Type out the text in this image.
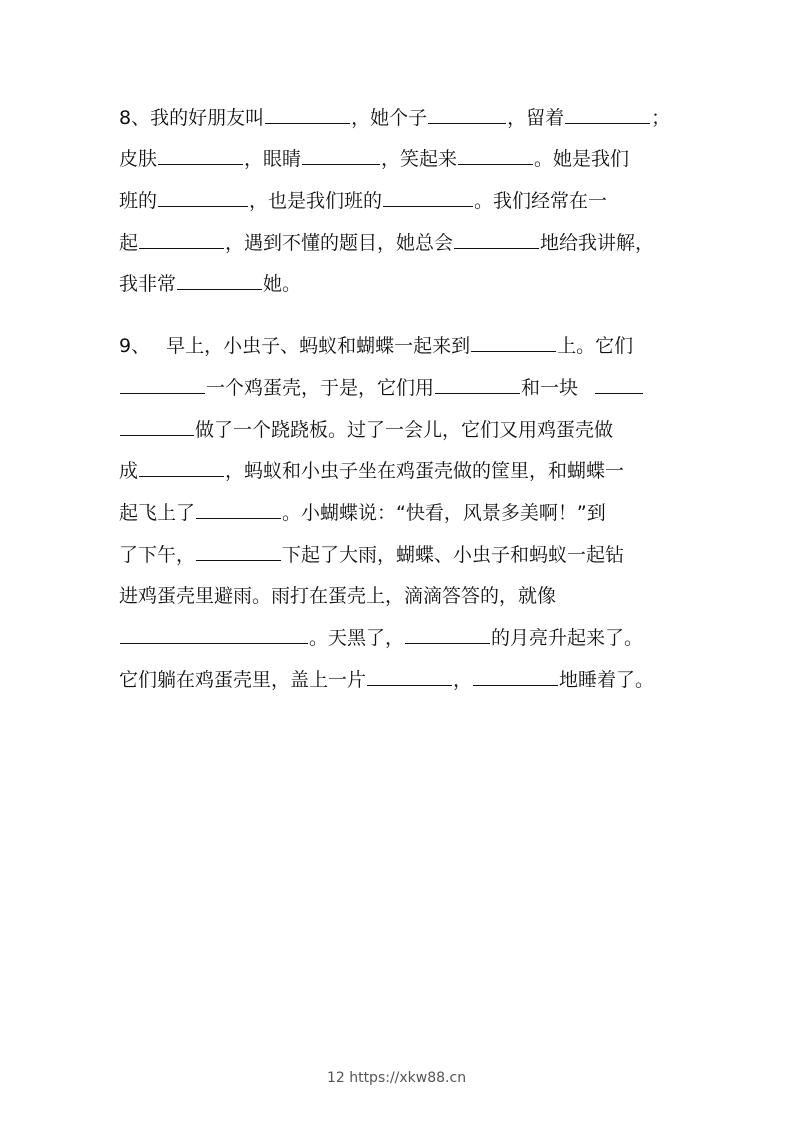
8、我的好朋友叫	，她个子	，留着	；
皮肤	，眼睛	，笑起来	。她是我们
班的	，也是我们班的	。我们经常在一
起	，遇到不懂的题目，她总会	地给我讲解，
我非常	她。
9、 早上，小虫子、蚂蚁和蝴蝶一起来到	上。它们
一个鸡蛋壳，于是，它们用	和一块
做了一个跷跷板。过了一会儿，它们又用鸡蛋壳做
成	，蚂蚁和小虫子坐在鸡蛋壳做的筐里，和蝴蝶一
起飞上了	。小蝴蝶说：“快看，风景多美啊！”到
了下午，	下起了大雨，蝴蝶、小虫子和蚂蚁一起钻
进鸡蛋壳里避雨。雨打在蛋壳上，滴滴答答的，就像
。天黑了，	的月亮升起来了。
它们躺在鸡蛋壳里，盖上一片	，	地睡着了。
12 https://xkw88.cn
